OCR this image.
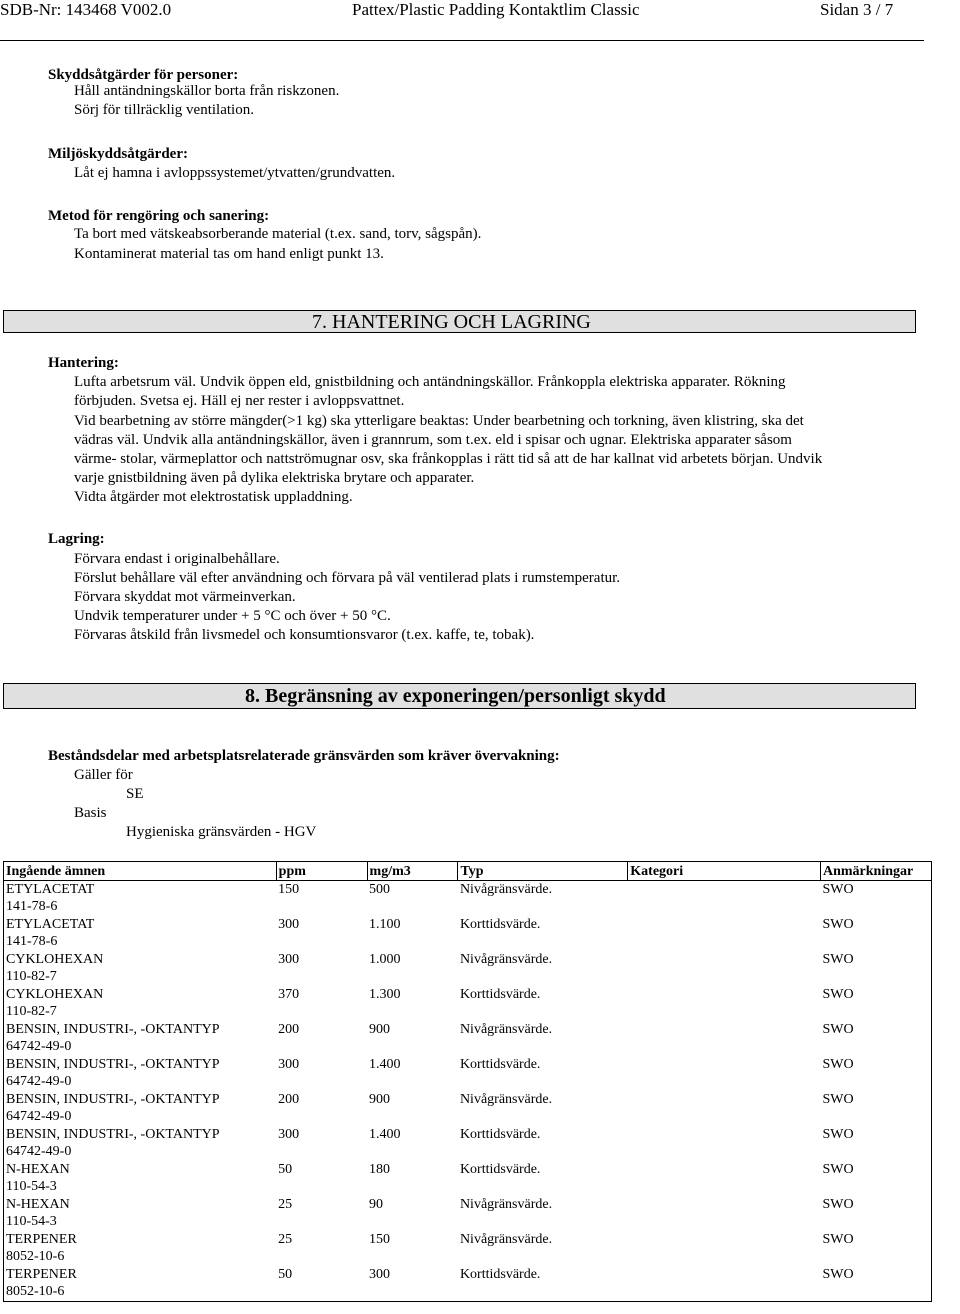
SDB-Nr: 143468 V002.0	Pattex/Plastic Padding Kontaktlim Classic	Sidan 3 / 7
Skyddsåtgärder för personer:
Håll antändningskällor borta från riskzonen.
Sörj för tillräcklig ventilation.
Miljöskyddsåtgärder:
Låt ej hamna i avloppssystemet/ytvatten/grundvatten.
Metod för rengöring och sanering:
Ta bort med vätskeabsorberande material (t.ex. sand, torv, sågspån).
Kontaminerat material tas om hand enligt punkt 13.
7. HANTERING OCH LAGRING
Hantering:
Lufta arbetsrum väl. Undvik öppen eld, gnistbildning och antändningskällor. Frånkoppla elektriska apparater. Rökning
förbjuden. Svetsa ej. Häll ej ner rester i avloppsvattnet.
Vid bearbetning av större mängder(>1 kg) ska ytterligare beaktas: Under bearbetning och torkning, även klistring, ska det
vädras väl. Undvik alla antändningskällor, även i grannrum, som t.ex. eld i spisar och ugnar. Elektriska apparater såsom
värme- stolar, värmeplattor och nattströmugnar osv, ska frånkopplas i rätt tid så att de har kallnat vid arbetets början. Undvik
varje gnistbildning även på dylika elektriska brytare och apparater.
Vidta åtgärder mot elektrostatisk uppladdning.
Lagring:
Förvara endast i originalbehållare.
Förslut behållare väl efter användning och förvara på väl ventilerad plats i rumstemperatur.
Förvara skyddat mot värmeinverkan.
Undvik temperaturer under + 5 °C och över + 50 °C.
Förvaras åtskild från livsmedel och konsumtionsvaror (t.ex. kaffe, te, tobak).
8. Begränsning av exponeringen/personligt skydd
Beståndsdelar med arbetsplatsrelaterade gränsvärden som kräver övervakning:
Gäller för
SE
Basis
Hygieniska gränsvärden - HGV
Ingående ämnen	ppm	mg/m3	Typ	Kategori	Anmärkningar

ETYLACETAT
141-78-6	150	500	Nivågränsvärde.		SWO

ETYLACETAT
141-78-6	300	1.100	Korttidsvärde.		SWO

CYKLOHEXAN
110-82-7	300	1.000	Nivågränsvärde.		SWO

CYKLOHEXAN
110-82-7	370	1.300	Korttidsvärde.		SWO

BENSIN, INDUSTRI-, -OKTANTYP
64742-49-0	200	900	Nivågränsvärde.		SWO

BENSIN, INDUSTRI-, -OKTANTYP
64742-49-0	300	1.400	Korttidsvärde.		SWO

BENSIN, INDUSTRI-, -OKTANTYP
64742-49-0	200	900	Nivågränsvärde.		SWO

BENSIN, INDUSTRI-, -OKTANTYP
64742-49-0	300	1.400	Korttidsvärde.		SWO

N-HEXAN
110-54-3	50	180	Korttidsvärde.		SWO

N-HEXAN
110-54-3	25	90	Nivågränsvärde.		SWO

TERPENER
8052-10-6	25	150	Nivågränsvärde.		SWO

TERPENER
8052-10-6	50	300	Korttidsvärde.		SWO
